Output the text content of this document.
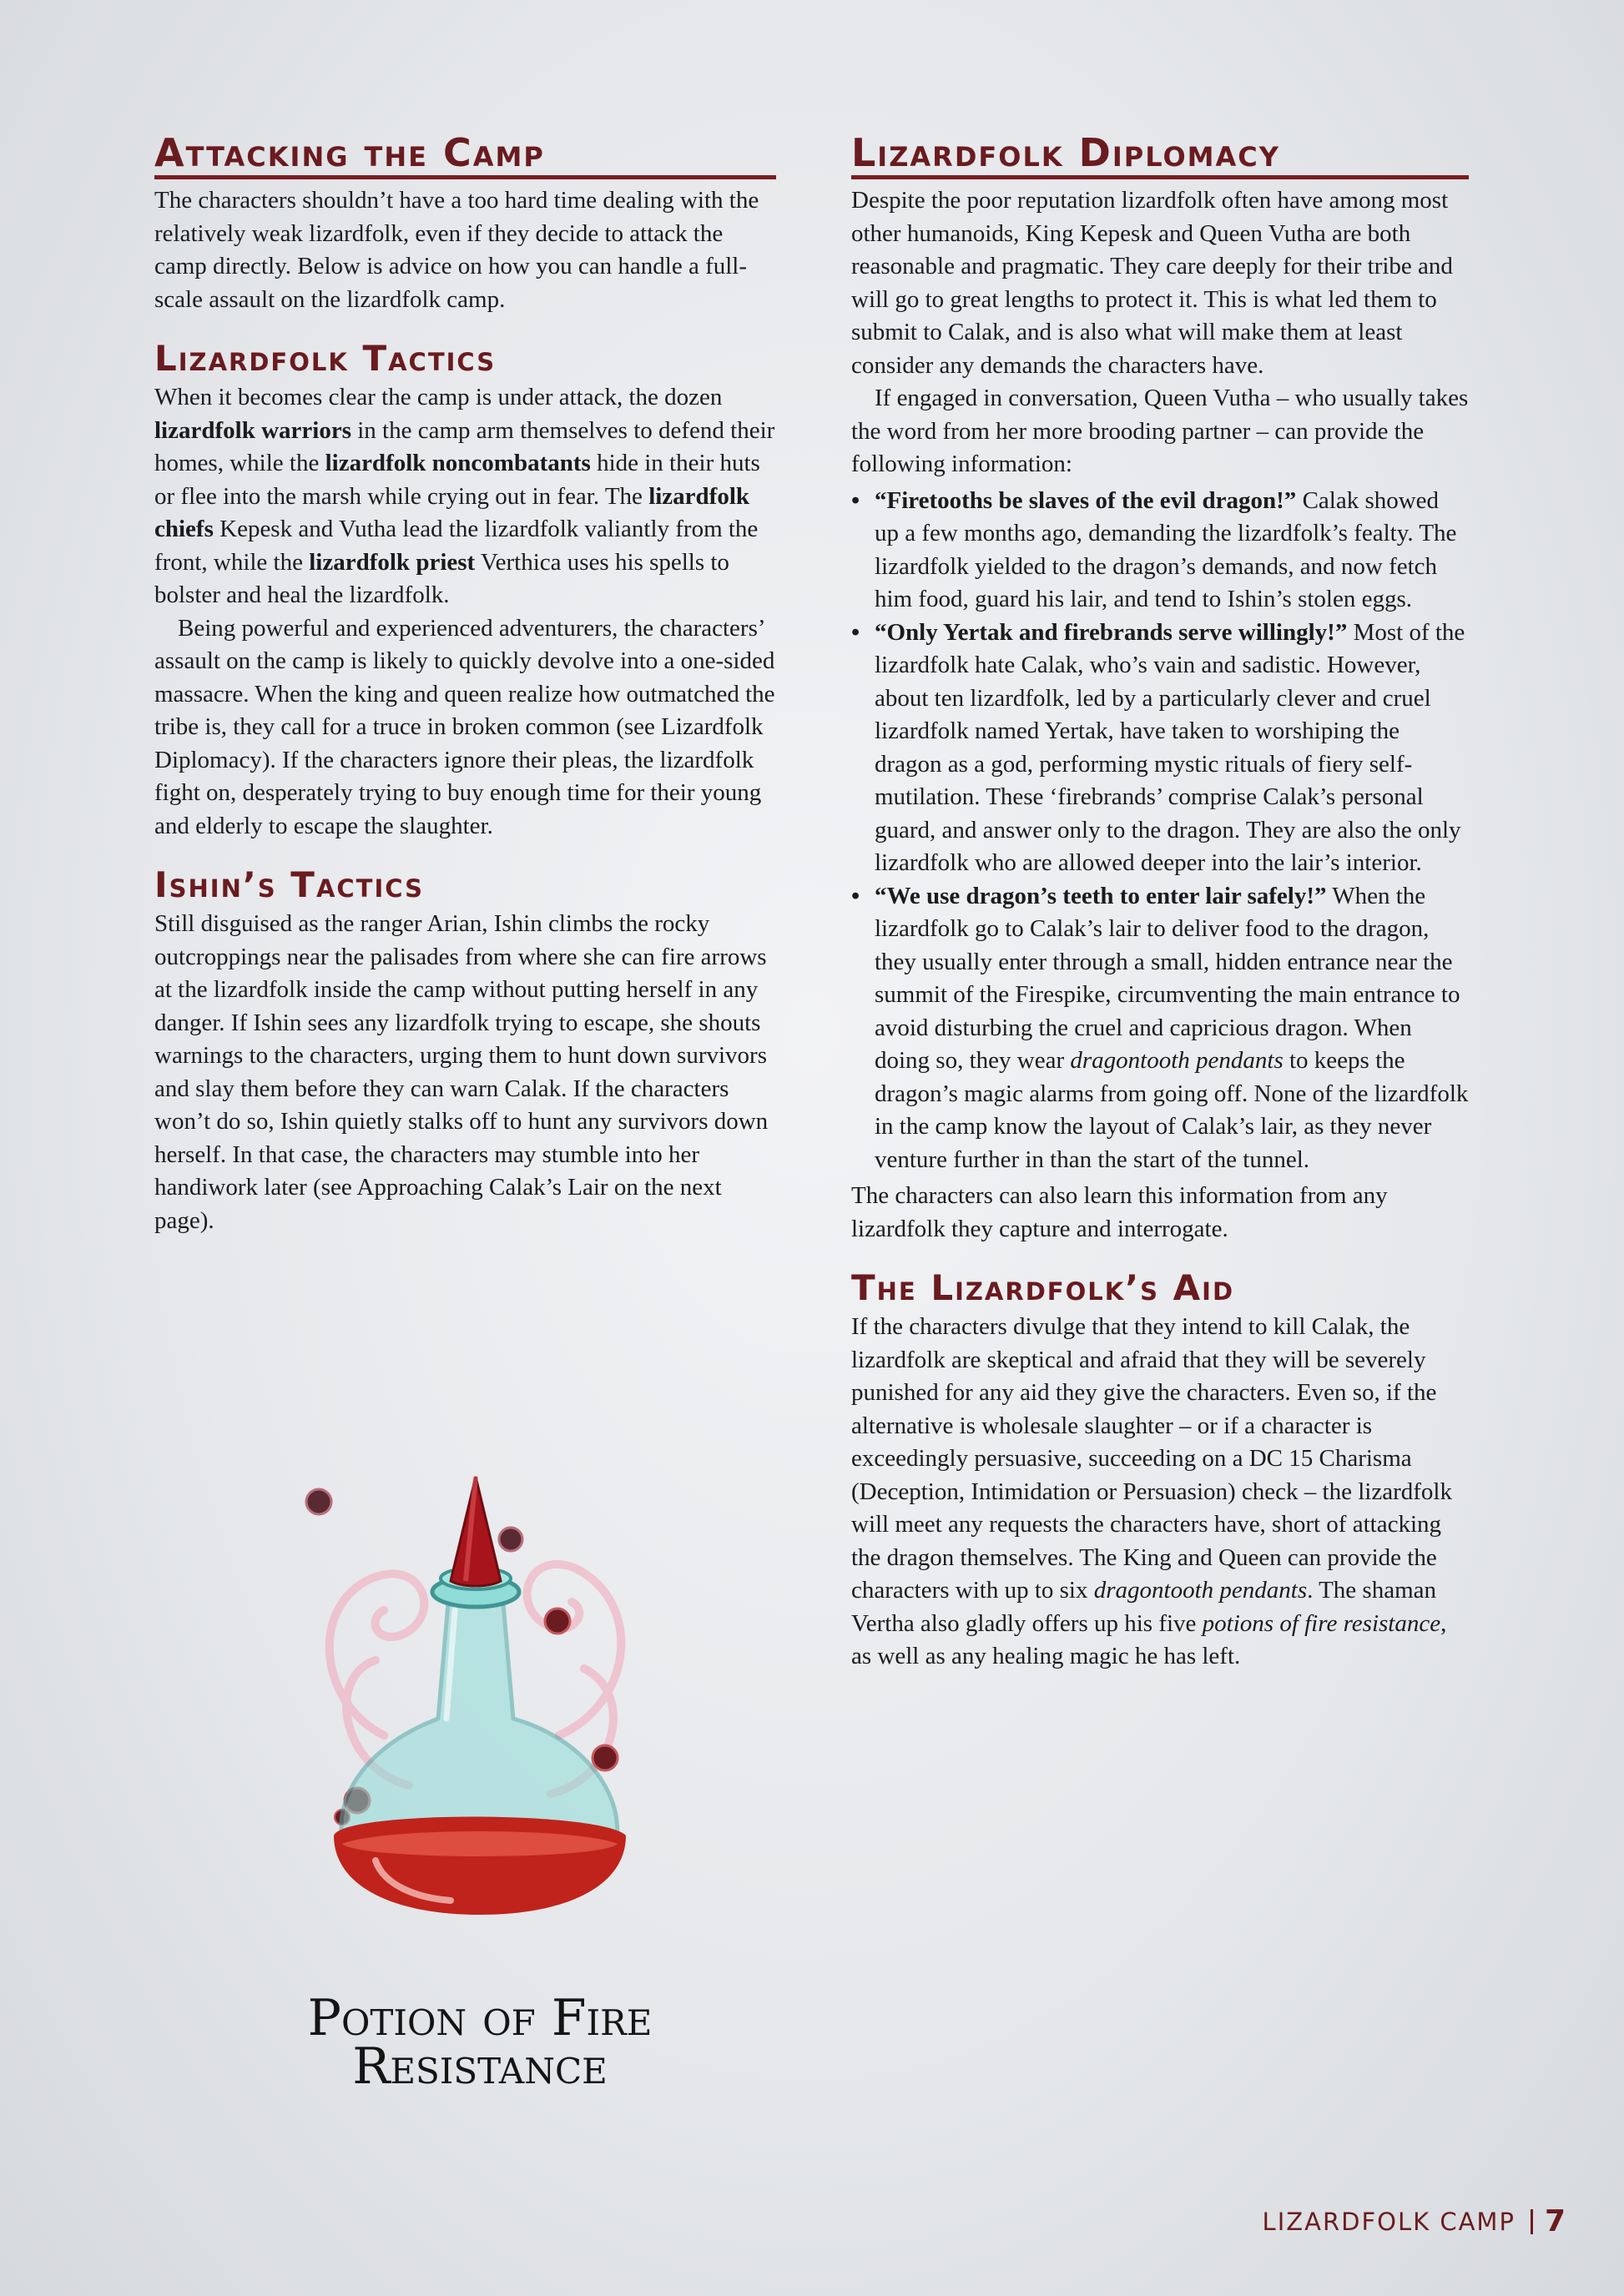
Attacking the Camp

The characters shouldn’t have a too hard time dealing with the relatively weak lizardfolk, even if they decide to attack the camp directly. Below is advice on how you can handle a full-scale assault on the lizardfolk camp.

Lizardfolk Tactics

When it becomes clear the camp is under attack, the dozen lizardfolk warriors in the camp arm themselves to defend their homes, while the lizardfolk noncombatants hide in their huts or flee into the marsh while crying out in fear. The lizardfolk chiefs Kepesk and Vutha lead the lizardfolk valiantly from the front, while the lizardfolk priest Verthica uses his spells to bolster and heal the lizardfolk.

Being powerful and experienced adventurers, the characters’ assault on the camp is likely to quickly devolve into a one-sided massacre. When the king and queen realize how outmatched the tribe is, they call for a truce in broken common (see Lizardfolk Diplomacy). If the characters ignore their pleas, the lizardfolk fight on, desperately trying to buy enough time for their young and elderly to escape the slaughter.

Ishin’s Tactics

Still disguised as the ranger Arian, Ishin climbs the rocky outcroppings near the palisades from where she can fire arrows at the lizardfolk inside the camp without putting herself in any danger. If Ishin sees any lizardfolk trying to escape, she shouts warnings to the characters, urging them to hunt down survivors and slay them before they can warn Calak. If the characters won’t do so, Ishin quietly stalks off to hunt any survivors down herself. In that case, the characters may stumble into her handiwork later (see Approaching Calak’s Lair on the next page).

Lizardfolk Diplomacy

Despite the poor reputation lizardfolk often have among most other humanoids, King Kepesk and Queen Vutha are both reasonable and pragmatic. They care deeply for their tribe and will go to great lengths to protect it. This is what led them to submit to Calak, and is also what will make them at least consider any demands the characters have.

If engaged in conversation, Queen Vutha – who usually takes the word from her more brooding partner – can provide the following information:

• “Firetooths be slaves of the evil dragon!” Calak showed up a few months ago, demanding the lizardfolk’s fealty. The lizardfolk yielded to the dragon’s demands, and now fetch him food, guard his lair, and tend to Ishin’s stolen eggs.
• “Only Yertak and firebrands serve willingly!” Most of the lizardfolk hate Calak, who’s vain and sadistic. However, about ten lizardfolk, led by a particularly clever and cruel lizardfolk named Yertak, have taken to worshiping the dragon as a god, performing mystic rituals of fiery self-mutilation. These ‘firebrands’ comprise Calak’s personal guard, and answer only to the dragon. They are also the only lizardfolk who are allowed deeper into the lair’s interior.
• “We use dragon’s teeth to enter lair safely!” When the lizardfolk go to Calak’s lair to deliver food to the dragon, they usually enter through a small, hidden entrance near the summit of the Firespike, circumventing the main entrance to avoid disturbing the cruel and capricious dragon. When doing so, they wear dragontooth pendants to keeps the dragon’s magic alarms from going off. None of the lizardfolk in the camp know the layout of Calak’s lair, as they never venture further in than the start of the tunnel.

The characters can also learn this information from any lizardfolk they capture and interrogate.

The Lizardfolk’s Aid

If the characters divulge that they intend to kill Calak, the lizardfolk are skeptical and afraid that they will be severely punished for any aid they give the characters. Even so, if the alternative is wholesale slaughter – or if a character is exceedingly persuasive, succeeding on a DC 15 Charisma (Deception, Intimidation or Persuasion) check – the lizardfolk will meet any requests the characters have, short of attacking the dragon themselves. The King and Queen can provide the characters with up to six dragontooth pendants. The shaman Vertha also gladly offers up his five potions of fire resistance, as well as any healing magic he has left.

Potion of Fire
Resistance
LIZARDFOLK CAMP 7
